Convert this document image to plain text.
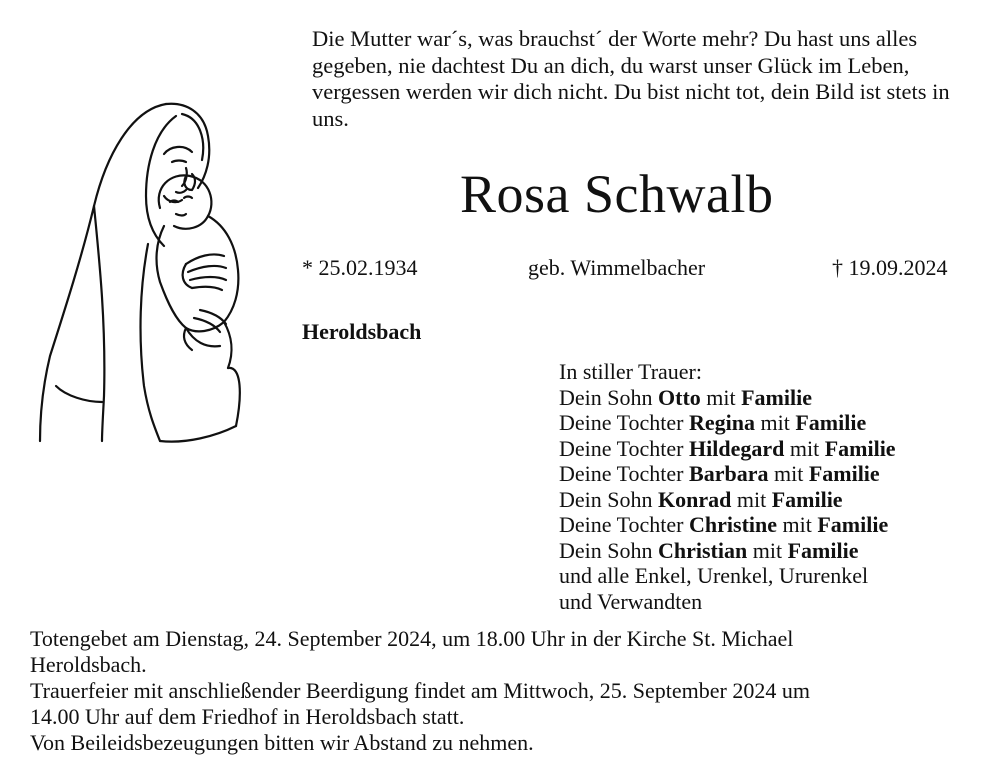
Die Mutter war´s, was brauchst´ der Worte mehr? Du hast uns alles gegeben, nie dachtest Du an dich, du warst unser Glück im Leben, vergessen werden wir dich nicht. Du bist nicht tot, dein Bild ist stets in uns.
Rosa Schwalb
* 25.02.1934	geb. Wimmelbacher	† 19.09.2024
Heroldsbach
In stiller Trauer:
Dein Sohn Otto mit Familie
Deine Tochter Regina mit Familie
Deine Tochter Hildegard mit Familie
Deine Tochter Barbara mit Familie
Dein Sohn Konrad mit Familie
Deine Tochter Christine mit Familie
Dein Sohn Christian mit Familie
und alle Enkel, Urenkel, Ururenkel
und Verwandten
Totengebet am Dienstag, 24. September 2024, um 18.00 Uhr in der Kirche St. Michael
Heroldsbach.
Trauerfeier mit anschließender Beerdigung findet am Mittwoch, 25. September 2024 um
14.00 Uhr auf dem Friedhof in Heroldsbach statt.
Von Beileidsbezeugungen bitten wir Abstand zu nehmen.
